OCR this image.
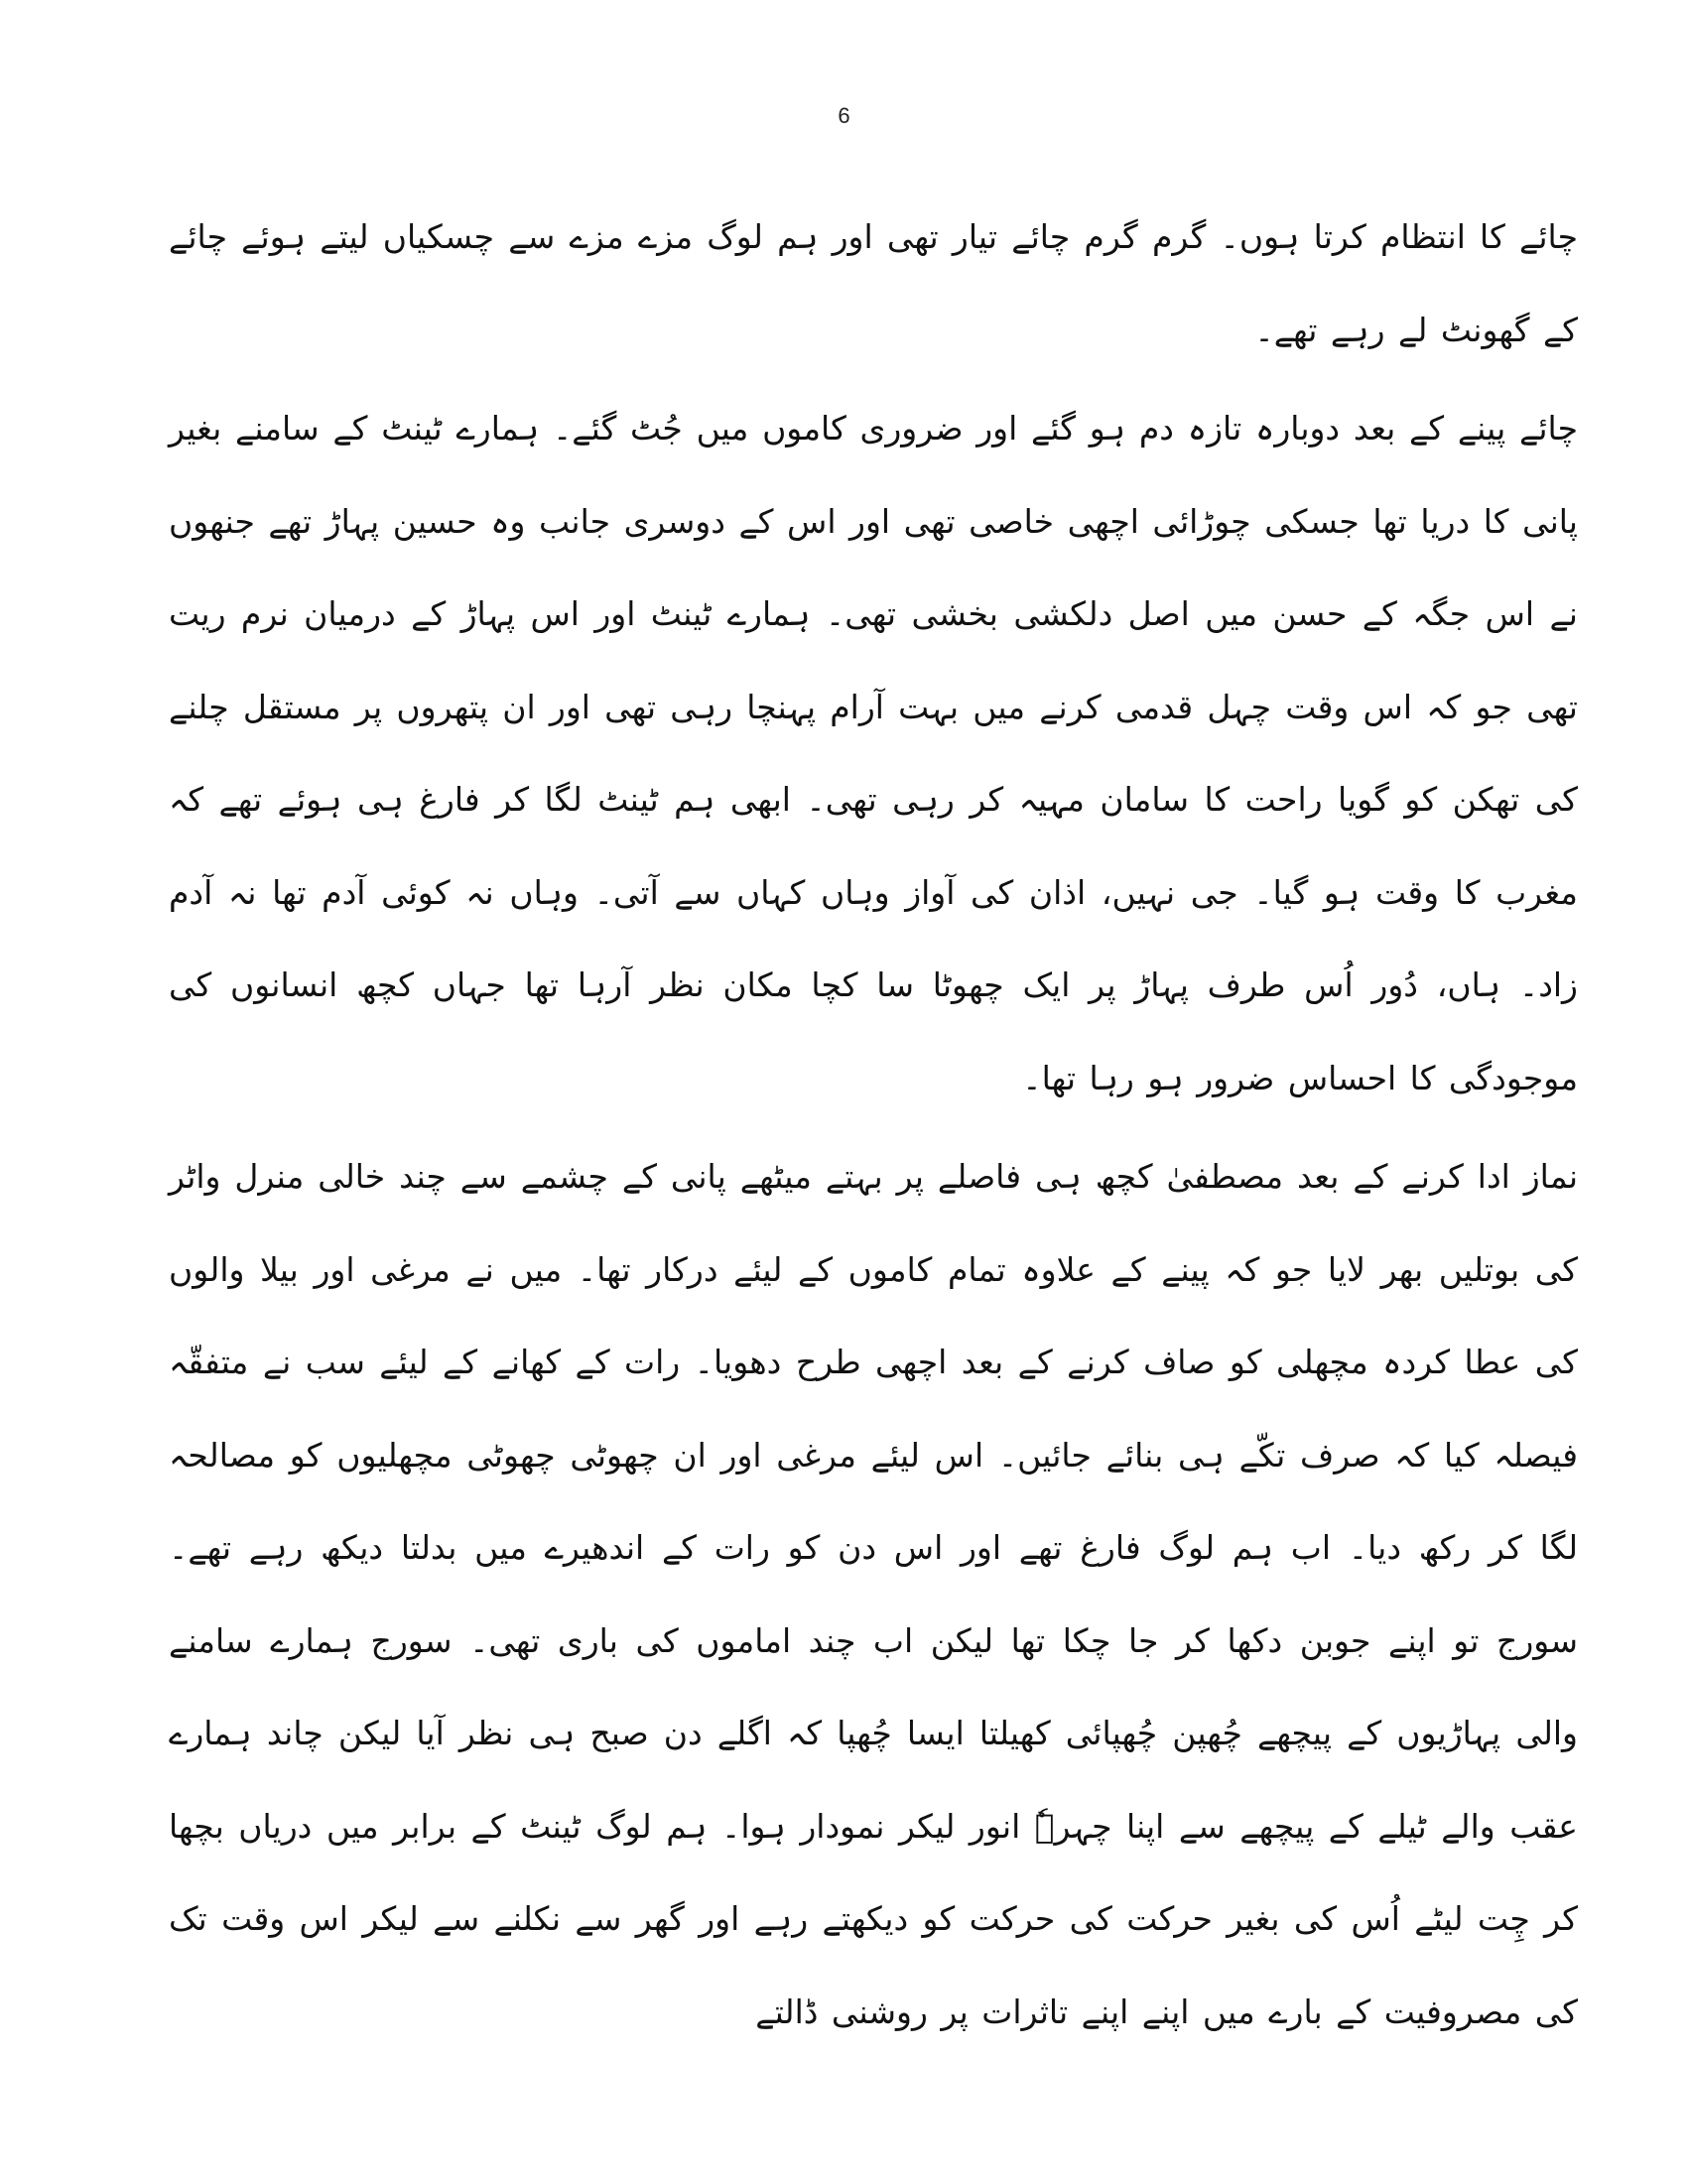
6

چائے کا انتظام کرتا ہوں۔ گرم گرم چائے تیار تھی اور ہم لوگ مزے مزے سے چسکیاں لیتے ہوئے چائے کے گھونٹ لے رہے تھے۔

چائے پینے کے بعد دوبارہ تازہ دم ہو گئے اور ضروری کاموں میں جُٹ گئے۔ ہمارے ٹینٹ کے سامنے بغیر پانی کا دریا تھا جسکی چوڑائی اچھی خاصی تھی اور اس کے دوسری جانب وہ حسین پہاڑ تھے جنھوں نے اس جگہ کے حسن میں اصل دلکشی بخشی تھی۔ ہمارے ٹینٹ اور اس پہاڑ کے درمیان نرم ریت تھی جو کہ اس وقت چہل قدمی کرنے میں بہت آرام پہنچا رہی تھی اور ان پتھروں پر مستقل چلنے کی تھکن کو گویا راحت کا سامان مہیہ کر رہی تھی۔ ابھی ہم ٹینٹ لگا کر فارغ ہی ہوئے تھے کہ مغرب کا وقت ہو گیا۔ جی نہیں، اذان کی آواز وہاں کہاں سے آتی۔ وہاں نہ کوئی آدم تھا نہ آدم زاد۔ ہاں، دُور اُس طرف پہاڑ پر ایک چھوٹا سا کچا مکان نظر آرہا تھا جہاں کچھ انسانوں کی موجودگی کا احساس ضرور ہو رہا تھا۔

نماز ادا کرنے کے بعد مصطفیٰ کچھ ہی فاصلے پر بہتے میٹھے پانی کے چشمے سے چند خالی منرل واٹر کی بوتلیں بھر لایا جو کہ پینے کے علاوہ تمام کاموں کے لیئے درکار تھا۔ میں نے مرغی اور بیلا والوں کی عطا کردہ مچھلی کو صاف کرنے کے بعد اچھی طرح دھویا۔ رات کے کھانے کے لیئے سب نے متفقّہ فیصلہ کیا کہ صرف تکّے ہی بنائے جائیں۔ اس لیئے مرغی اور ان چھوٹی چھوٹی مچھلیوں کو مصالحہ لگا کر رکھ دیا۔ اب ہم لوگ فارغ تھے اور اس دن کو رات کے اندھیرے میں بدلتا دیکھ رہے تھے۔ سورج تو اپنے جوبن دکھا کر جا چکا تھا لیکن اب چند اماموں کی باری تھی۔ سورج ہمارے سامنے والی پہاڑیوں کے پیچھے چُھپن چُھپائی کھیلتا ایسا چُھپا کہ اگلے دن صبح ہی نظر آیا لیکن چاند ہمارے عقب والے ٹیلے کے پیچھے سے اپنا چہرہٗ انور لیکر نمودار ہوا۔ ہم لوگ ٹینٹ کے برابر میں دریاں بچھا کر چِت لیٹے اُس کی بغیر حرکت کی حرکت کو دیکھتے رہے اور گھر سے نکلنے سے لیکر اس وقت تک کی مصروفیت کے بارے میں اپنے اپنے تاثرات پر روشنی ڈالتے
